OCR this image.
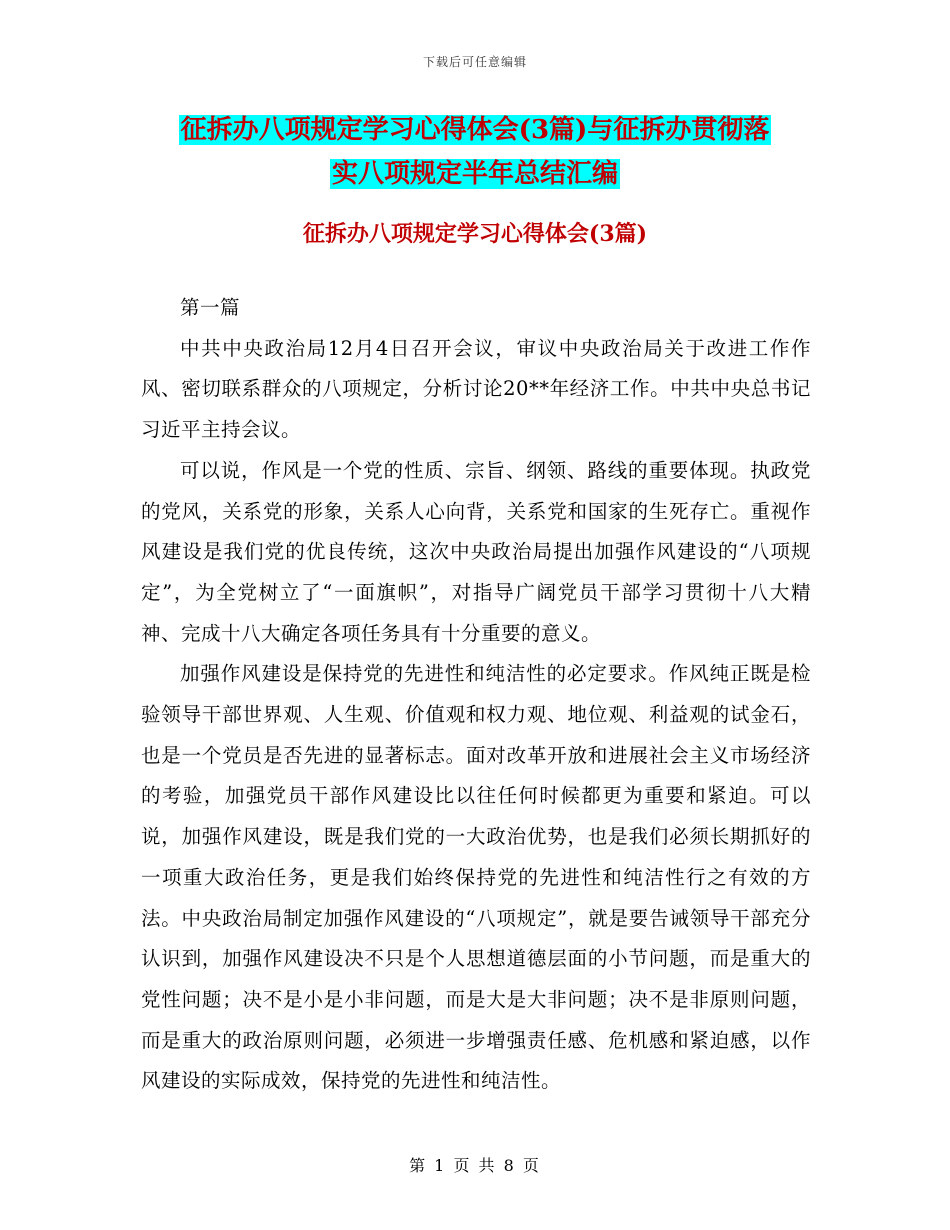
下载后可任意编辑
征拆办八项规定学习心得体会(3篇)与征拆办贯彻落
实八项规定半年总结汇编
征拆办八项规定学习心得体会(3篇)

第一篇

中共中央政治局12月4日召开会议，审议中央政治局关于改进工作作风、密切联系群众的八项规定，分析讨论20**年经济工作。中共中央总书记习近平主持会议。

可以说，作风是一个党的性质、宗旨、纲领、路线的重要体现。执政党的党风，关系党的形象，关系人心向背，关系党和国家的生死存亡。重视作风建设是我们党的优良传统，这次中央政治局提出加强作风建设的“八项规定”，为全党树立了“一面旗帜”，对指导广阔党员干部学习贯彻十八大精神、完成十八大确定各项任务具有十分重要的意义。

加强作风建设是保持党的先进性和纯洁性的必定要求。作风纯正既是检验领导干部世界观、人生观、价值观和权力观、地位观、利益观的试金石，也是一个党员是否先进的显著标志。面对改革开放和进展社会主义市场经济的考验，加强党员干部作风建设比以往任何时候都更为重要和紧迫。可以说，加强作风建设，既是我们党的一大政治优势，也是我们必须长期抓好的一项重大政治任务，更是我们始终保持党的先进性和纯洁性行之有效的方法。中央政治局制定加强作风建设的“八项规定”，就是要告诫领导干部充分认识到，加强作风建设决不只是个人思想道德层面的小节问题，而是重大的党性问题；决不是小是小非问题，而是大是大非问题；决不是非原则问题，而是重大的政治原则问题，必须进一步增强责任感、危机感和紧迫感，以作风建设的实际成效，保持党的先进性和纯洁性。

第 1 页 共 8 页
